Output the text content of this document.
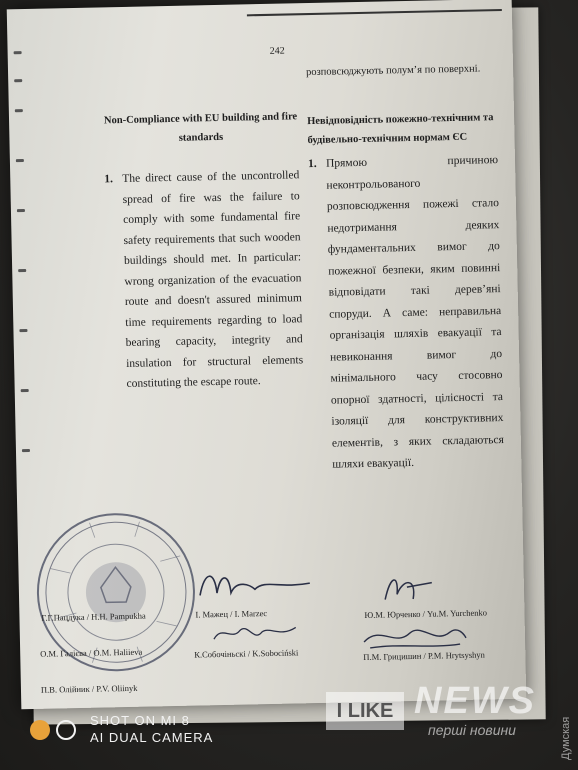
242

Non-Compliance with EU building and fire standards

1. The direct cause of the uncontrolled spread of fire was the failure to comply with some fundamental fire safety requirements that such wooden buildings should met. In particular: wrong organization of the evacuation route and doesn't assured minimum time requirements regarding to load bearing capacity, integrity and insulation for structural elements constituting the escape route.

розповсюджують полум’я по поверхні.

Невідповідність пожежно-технічним та будівельно-технічним нормам ЄС

1. Прямою причиною неконтрольованого розповсюдження пожежі стало недотримання деяких фундаментальних вимог до пожежної безпеки, яким повинні відповідати такі дерев’яні споруди. А саме: неправильна організація шляхів евакуації та невиконання вимог до мінімального часу стосовно опорної здатності, цілісності та ізоляції для конструктивних елементів, з яких складаються шляхи евакуації.

Г.Г.Пацдукa / H.H. Pampukha
О.М. Галієва / O.M. Haliieva
П.В. Олійник / P.V. Oliinyk
I. Мажец / I. Marzec
К.Собочіньскі / K.Sobociński
Ю.М. Юрченко / Yu.M. Yurchenko
П.М. Грицишин / P.M. Hrytsyshyn
SHOT ON MI 8
AI DUAL CAMERA
I LIKE NEWS
перші новини	Думская
